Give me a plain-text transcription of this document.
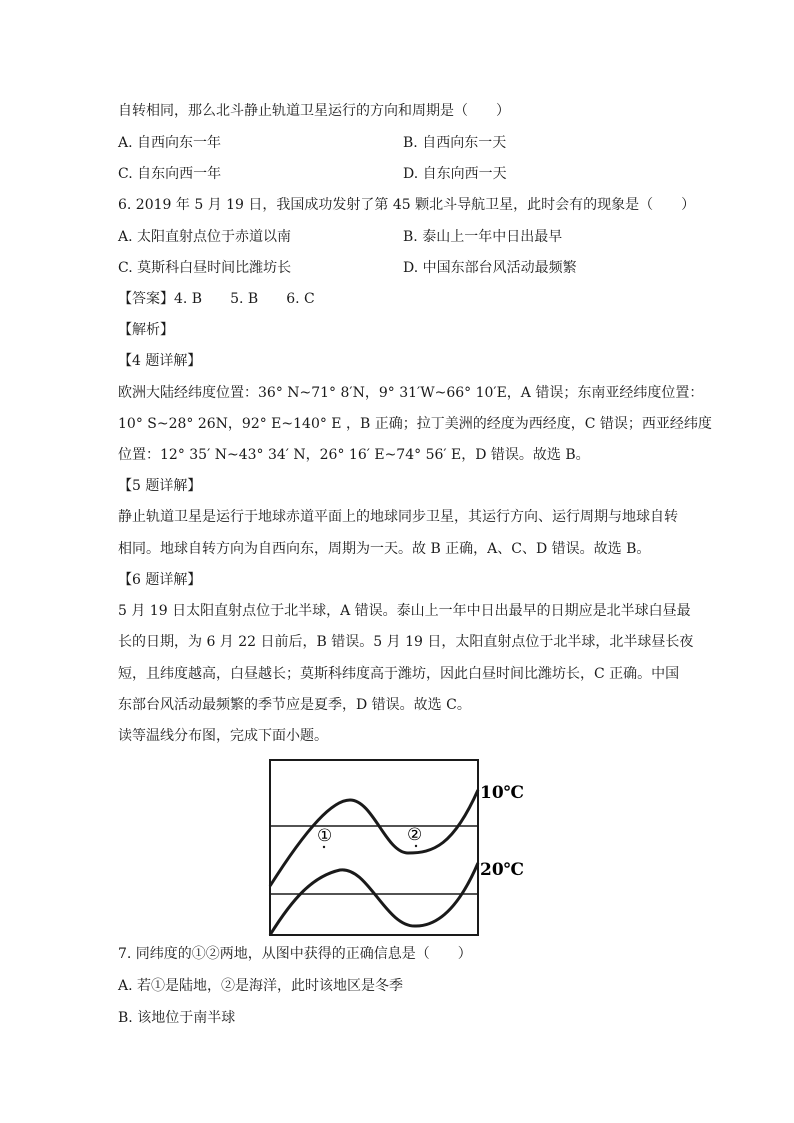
自转相同，那么北斗静止轨道卫星运行的方向和周期是（　　）
A. 自西向东一年	B. 自西向东一天
C. 自东向西一年	D. 自东向西一天
6. 2019 年 5 月 19 日，我国成功发射了第 45 颗北斗导航卫星，此时会有的现象是（　　）
A. 太阳直射点位于赤道以南	B. 泰山上一年中日出最早
C. 莫斯科白昼时间比潍坊长	D. 中国东部台风活动最频繁
【答案】4. B　　5. B　　6. C
【解析】
【4 题详解】
欧洲大陆经纬度位置：36° N~71° 8′N，9° 31′W~66° 10′E，A 错误；东南亚经纬度位置：
10° S~28° 26N，92° E~140° E ，B 正确；拉丁美洲的经度为西经度，C 错误；西亚经纬度
位置：12° 35′ N~43° 34′ N，26° 16′ E~74° 56′ E，D 错误。故选 B。
【5 题详解】
静止轨道卫星是运行于地球赤道平面上的地球同步卫星，其运行方向、运行周期与地球自转
相同。地球自转方向为自西向东，周期为一天。故 B 正确，A、C、D 错误。故选 B。
【6 题详解】
5 月 19 日太阳直射点位于北半球，A 错误。泰山上一年中日出最早的日期应是北半球白昼最
长的日期，为 6 月 22 日前后，B 错误。5 月 19 日，太阳直射点位于北半球，北半球昼长夜
短，且纬度越高，白昼越长；莫斯科纬度高于潍坊，因此白昼时间比潍坊长，C 正确。中国
东部台风活动最频繁的季节应是夏季，D 错误。故选 C。
读等温线分布图，完成下面小题。
①	②
10℃
20℃
7. 同纬度的①②两地，从图中获得的正确信息是（　　）
A. 若①是陆地，②是海洋，此时该地区是冬季
B. 该地位于南半球
